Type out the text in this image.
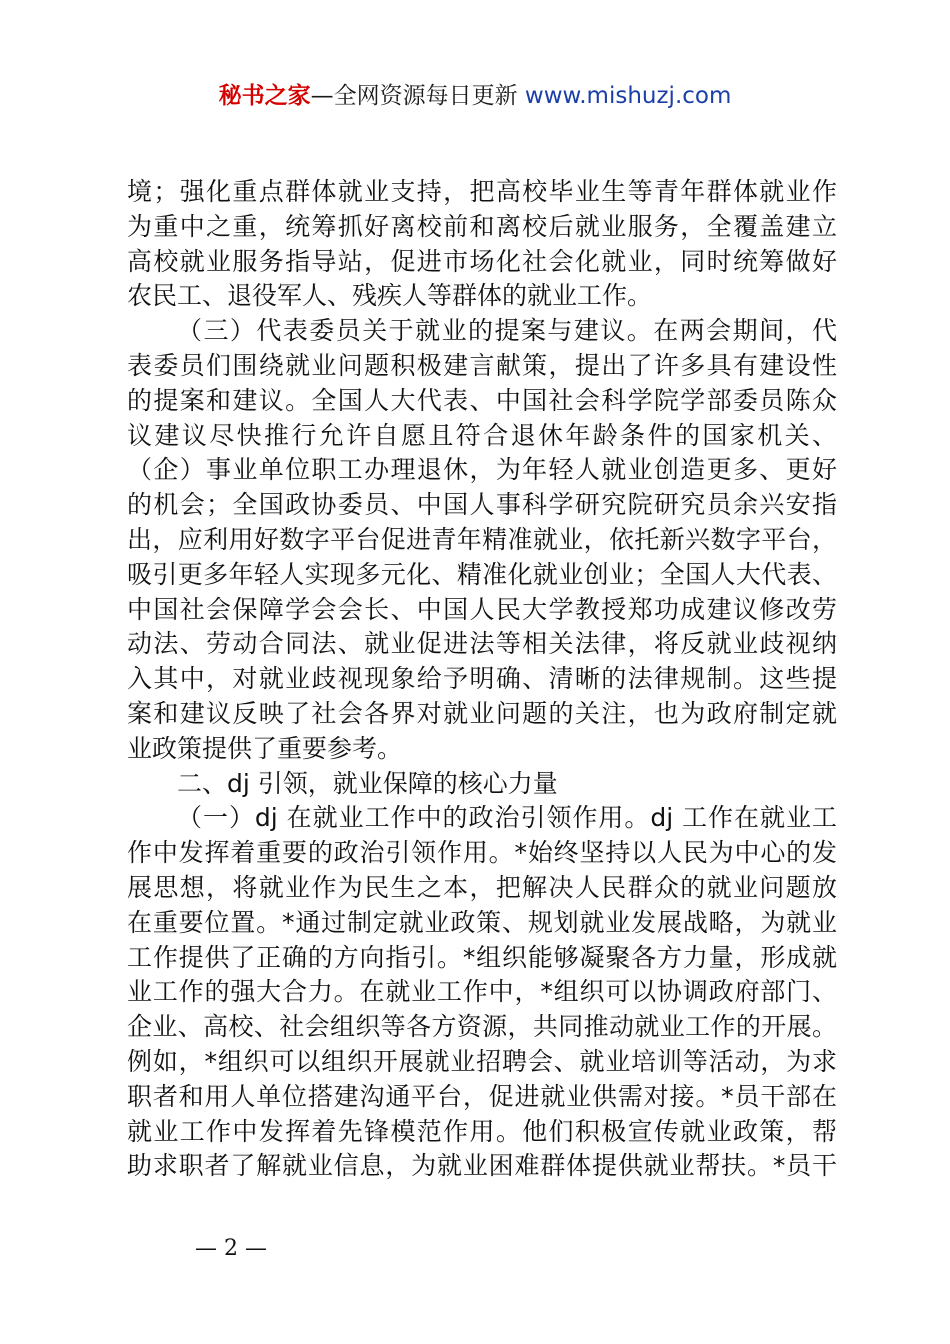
秘书之家—全网资源每日更新 www.mishuzj.com
境；强化重点群体就业支持，把高校毕业生等青年群体就业作
为重中之重，统筹抓好离校前和离校后就业服务，全覆盖建立
高校就业服务指导站，促进市场化社会化就业，同时统筹做好
农民工、退役军人、残疾人等群体的就业工作。
（三）代表委员关于就业的提案与建议。在两会期间，代
表委员们围绕就业问题积极建言献策，提出了许多具有建设性
的提案和建议。全国人大代表、中国社会科学院学部委员陈众
议建议尽快推行允许自愿且符合退休年龄条件的国家机关、
（企）事业单位职工办理退休，为年轻人就业创造更多、更好
的机会；全国政协委员、中国人事科学研究院研究员余兴安指
出，应利用好数字平台促进青年精准就业，依托新兴数字平台，
吸引更多年轻人实现多元化、精准化就业创业；全国人大代表、
中国社会保障学会会长、中国人民大学教授郑功成建议修改劳
动法、劳动合同法、就业促进法等相关法律，将反就业歧视纳
入其中，对就业歧视现象给予明确、清晰的法律规制。这些提
案和建议反映了社会各界对就业问题的关注，也为政府制定就
业政策提供了重要参考。
二、dj 引领，就业保障的核心力量
（一）dj 在就业工作中的政治引领作用。dj 工作在就业工
作中发挥着重要的政治引领作用。*始终坚持以人民为中心的发
展思想，将就业作为民生之本，把解决人民群众的就业问题放
在重要位置。*通过制定就业政策、规划就业发展战略，为就业
工作提供了正确的方向指引。*组织能够凝聚各方力量，形成就
业工作的强大合力。在就业工作中，*组织可以协调政府部门、
企业、高校、社会组织等各方资源，共同推动就业工作的开展。
例如，*组织可以组织开展就业招聘会、就业培训等活动，为求
职者和用人单位搭建沟通平台，促进就业供需对接。*员干部在
就业工作中发挥着先锋模范作用。他们积极宣传就业政策，帮
助求职者了解就业信息，为就业困难群体提供就业帮扶。*员干
— 2 —
